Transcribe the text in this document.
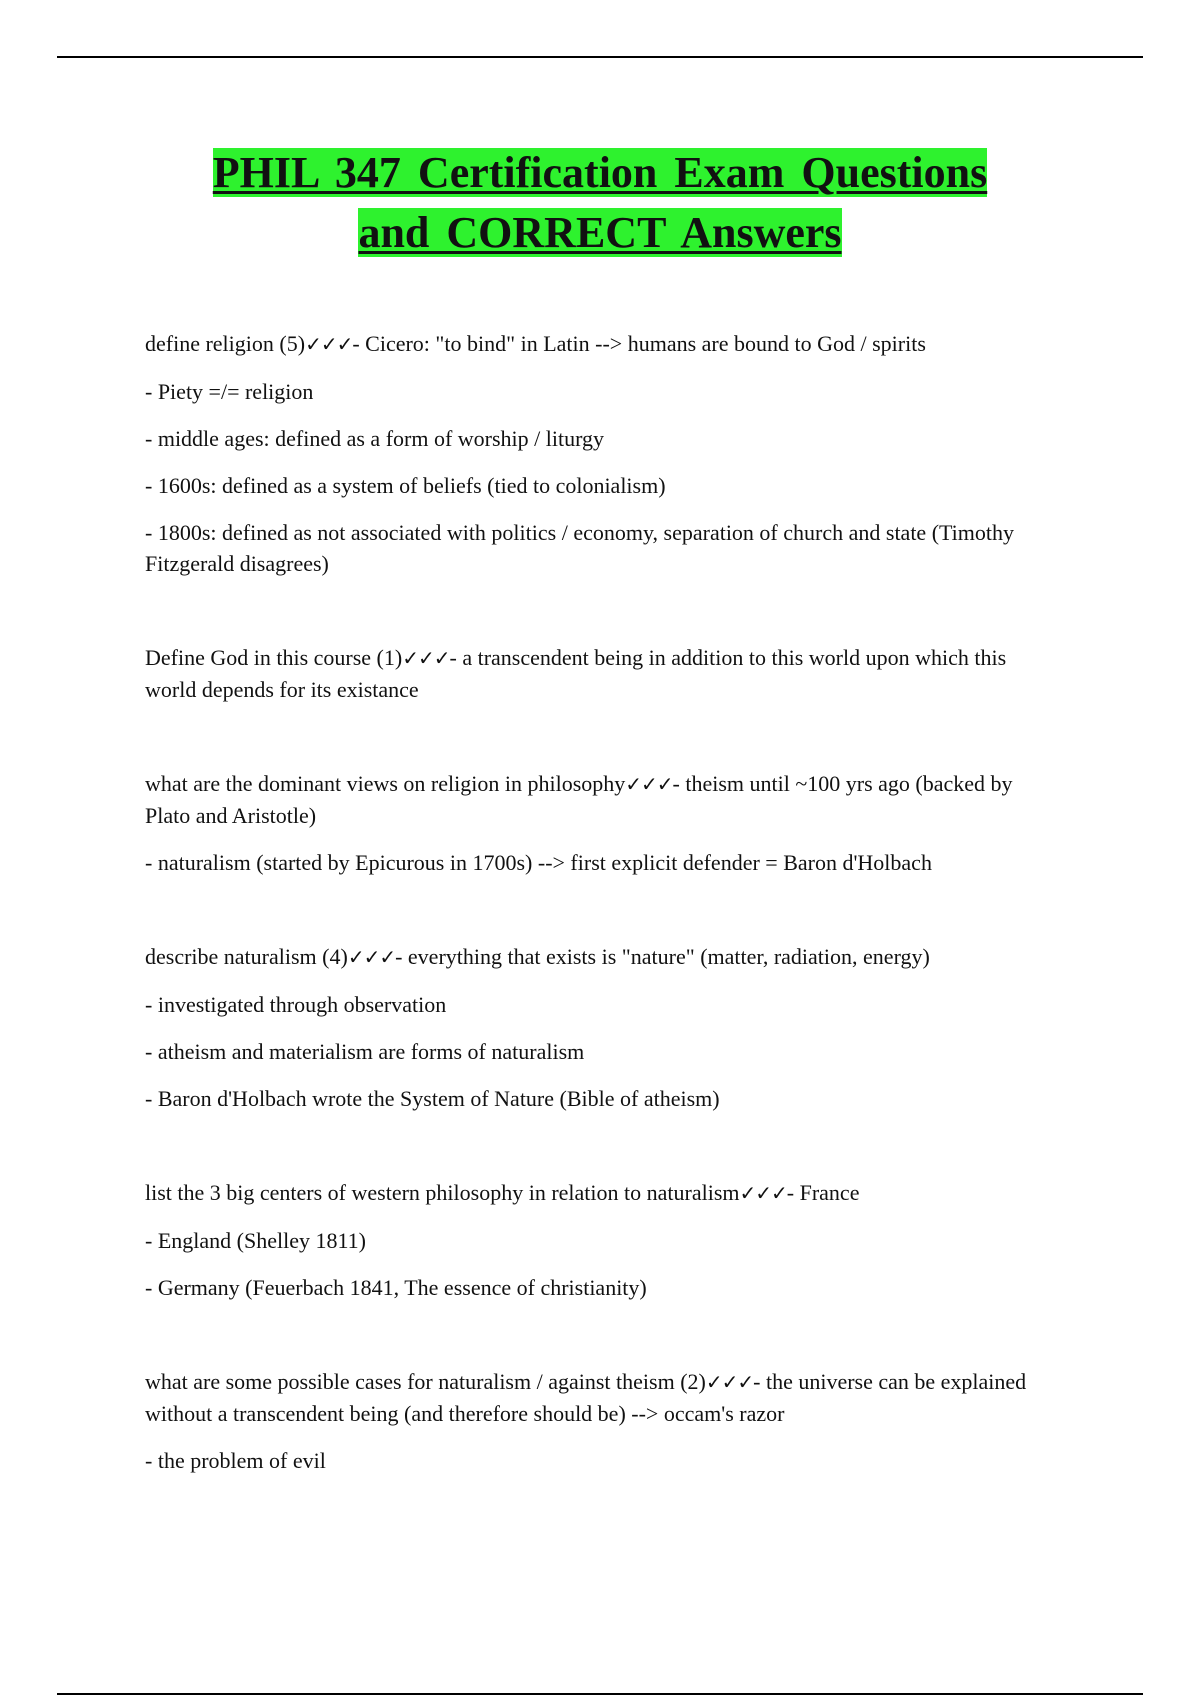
PHIL 347 Certification Exam Questions
and CORRECT Answers

define religion (5)✓✓✓- Cicero: "to bind" in Latin --> humans are bound to God / spirits

- Piety =/= religion

- middle ages: defined as a form of worship / liturgy

- 1600s: defined as a system of beliefs (tied to colonialism)

- 1800s: defined as not associated with politics / economy, separation of church and state (Timothy Fitzgerald disagrees)

Define God in this course (1)✓✓✓- a transcendent being in addition to this world upon which this world depends for its existance

what are the dominant views on religion in philosophy✓✓✓- theism until ~100 yrs ago (backed by Plato and Aristotle)

- naturalism (started by Epicurous in 1700s) --> first explicit defender = Baron d'Holbach

describe naturalism (4)✓✓✓- everything that exists is "nature" (matter, radiation, energy)

- investigated through observation

- atheism and materialism are forms of naturalism

- Baron d'Holbach wrote the System of Nature (Bible of atheism)

list the 3 big centers of western philosophy in relation to naturalism✓✓✓- France

- England (Shelley 1811)

- Germany (Feuerbach 1841, The essence of christianity)

what are some possible cases for naturalism / against theism (2)✓✓✓- the universe can be explained without a transcendent being (and therefore should be) --> occam's razor

- the problem of evil
